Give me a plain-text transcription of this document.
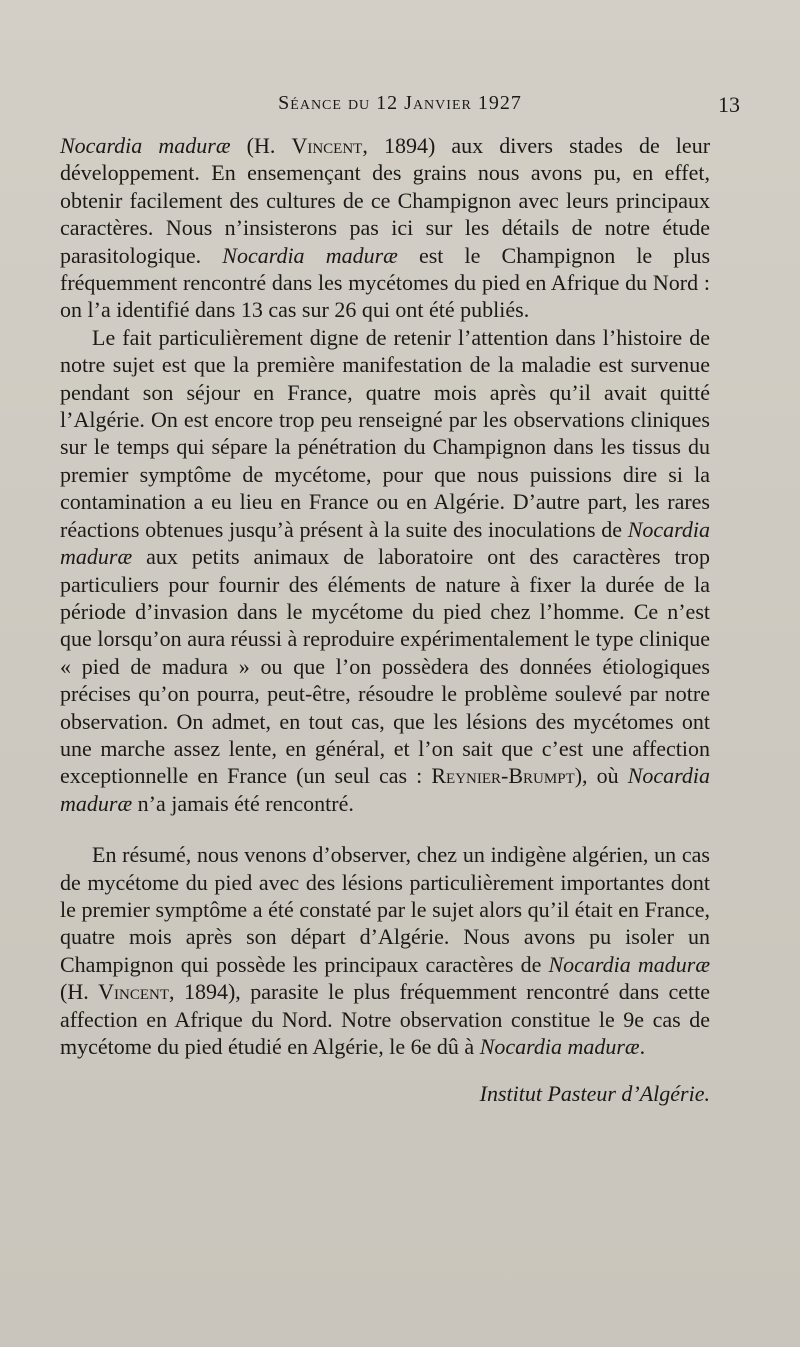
Séance du 12 Janvier 1927	13

Nocardia maduræ (H. Vincent, 1894) aux divers stades de leur développement. En ensemençant des grains nous avons pu, en effet, obtenir facilement des cultures de ce Champignon avec leurs principaux caractères. Nous n’insisterons pas ici sur les détails de notre étude parasitologique. Nocardia maduræ est le Champignon le plus fréquemment rencontré dans les mycétomes du pied en Afrique du Nord : on l’a identifié dans 13 cas sur 26 qui ont été publiés.

Le fait particulièrement digne de retenir l’attention dans l’histoire de notre sujet est que la première manifestation de la maladie est survenue pendant son séjour en France, quatre mois après qu’il avait quitté l’Algérie. On est encore trop peu renseigné par les observations cliniques sur le temps qui sépare la pénétration du Champignon dans les tissus du premier symptôme de mycétome, pour que nous puissions dire si la contamination a eu lieu en France ou en Algérie. D’autre part, les rares réactions obtenues jusqu’à présent à la suite des inoculations de Nocardia maduræ aux petits animaux de laboratoire ont des caractères trop particuliers pour fournir des éléments de nature à fixer la durée de la période d’invasion dans le mycétome du pied chez l’homme. Ce n’est que lorsqu’on aura réussi à reproduire expérimentalement le type clinique « pied de madura » ou que l’on possèdera des données étiologiques précises qu’on pourra, peut-être, résoudre le problème soulevé par notre observation. On admet, en tout cas, que les lésions des mycétomes ont une marche assez lente, en général, et l’on sait que c’est une affection exceptionnelle en France (un seul cas : Reynier-Brumpt), où Nocardia maduræ n’a jamais été rencontré.

En résumé, nous venons d’observer, chez un indigène algérien, un cas de mycétome du pied avec des lésions particulièrement importantes dont le premier symptôme a été constaté par le sujet alors qu’il était en France, quatre mois après son départ d’Algérie. Nous avons pu isoler un Champignon qui possède les principaux caractères de Nocardia maduræ (H. Vincent, 1894), parasite le plus fréquemment rencontré dans cette affection en Afrique du Nord. Notre observation constitue le 9e cas de mycétome du pied étudié en Algérie, le 6e dû à Nocardia maduræ.

Institut Pasteur d’Algérie.
